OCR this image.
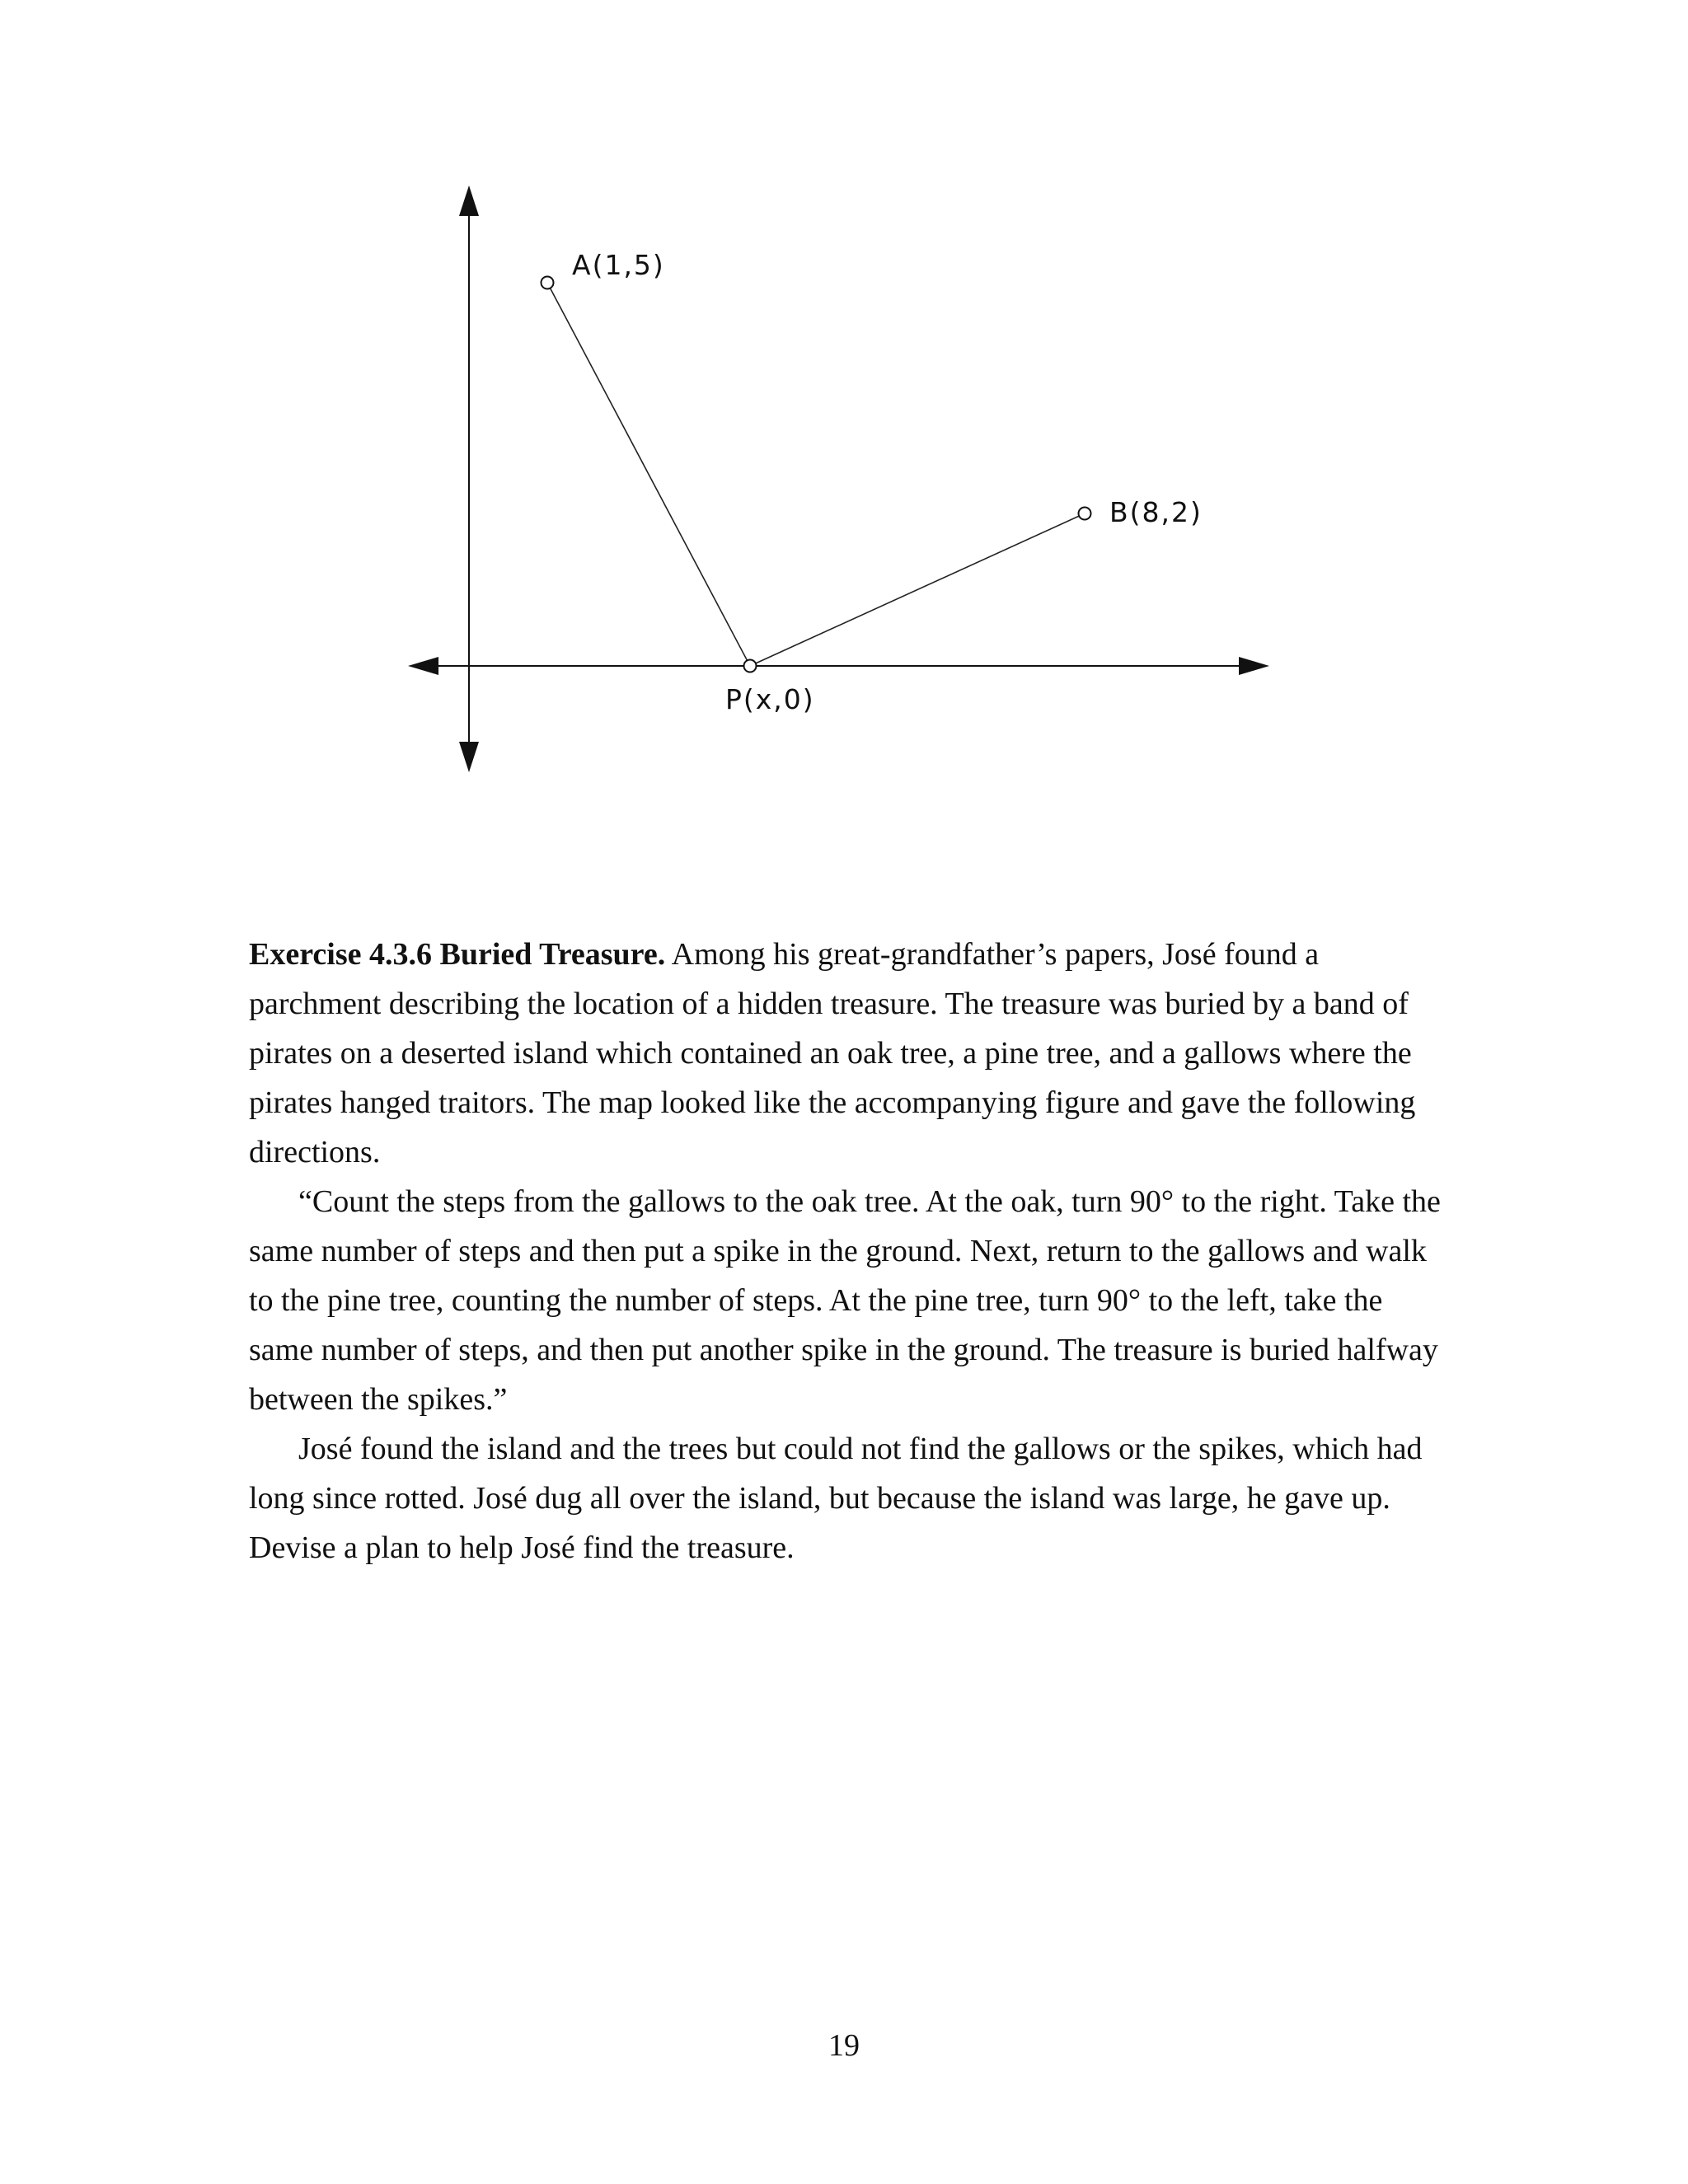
A(1,5)
B(8,2)
P(x,0)

Exercise 4.3.6 Buried Treasure. Among his great-grandfather’s papers, José found a parchment describing the location of a hidden treasure. The treasure was buried by a band of pirates on a deserted island which contained an oak tree, a pine tree, and a gallows where the pirates hanged traitors. The map looked like the accompanying figure and gave the following directions.

“Count the steps from the gallows to the oak tree. At the oak, turn 90° to the right. Take the same number of steps and then put a spike in the ground. Next, return to the gallows and walk to the pine tree, counting the number of steps. At the pine tree, turn 90° to the left, take the same number of steps, and then put another spike in the ground. The treasure is buried halfway between the spikes.”

José found the island and the trees but could not find the gallows or the spikes, which had long since rotted. José dug all over the island, but because the island was large, he gave up. Devise a plan to help José find the treasure.

19
